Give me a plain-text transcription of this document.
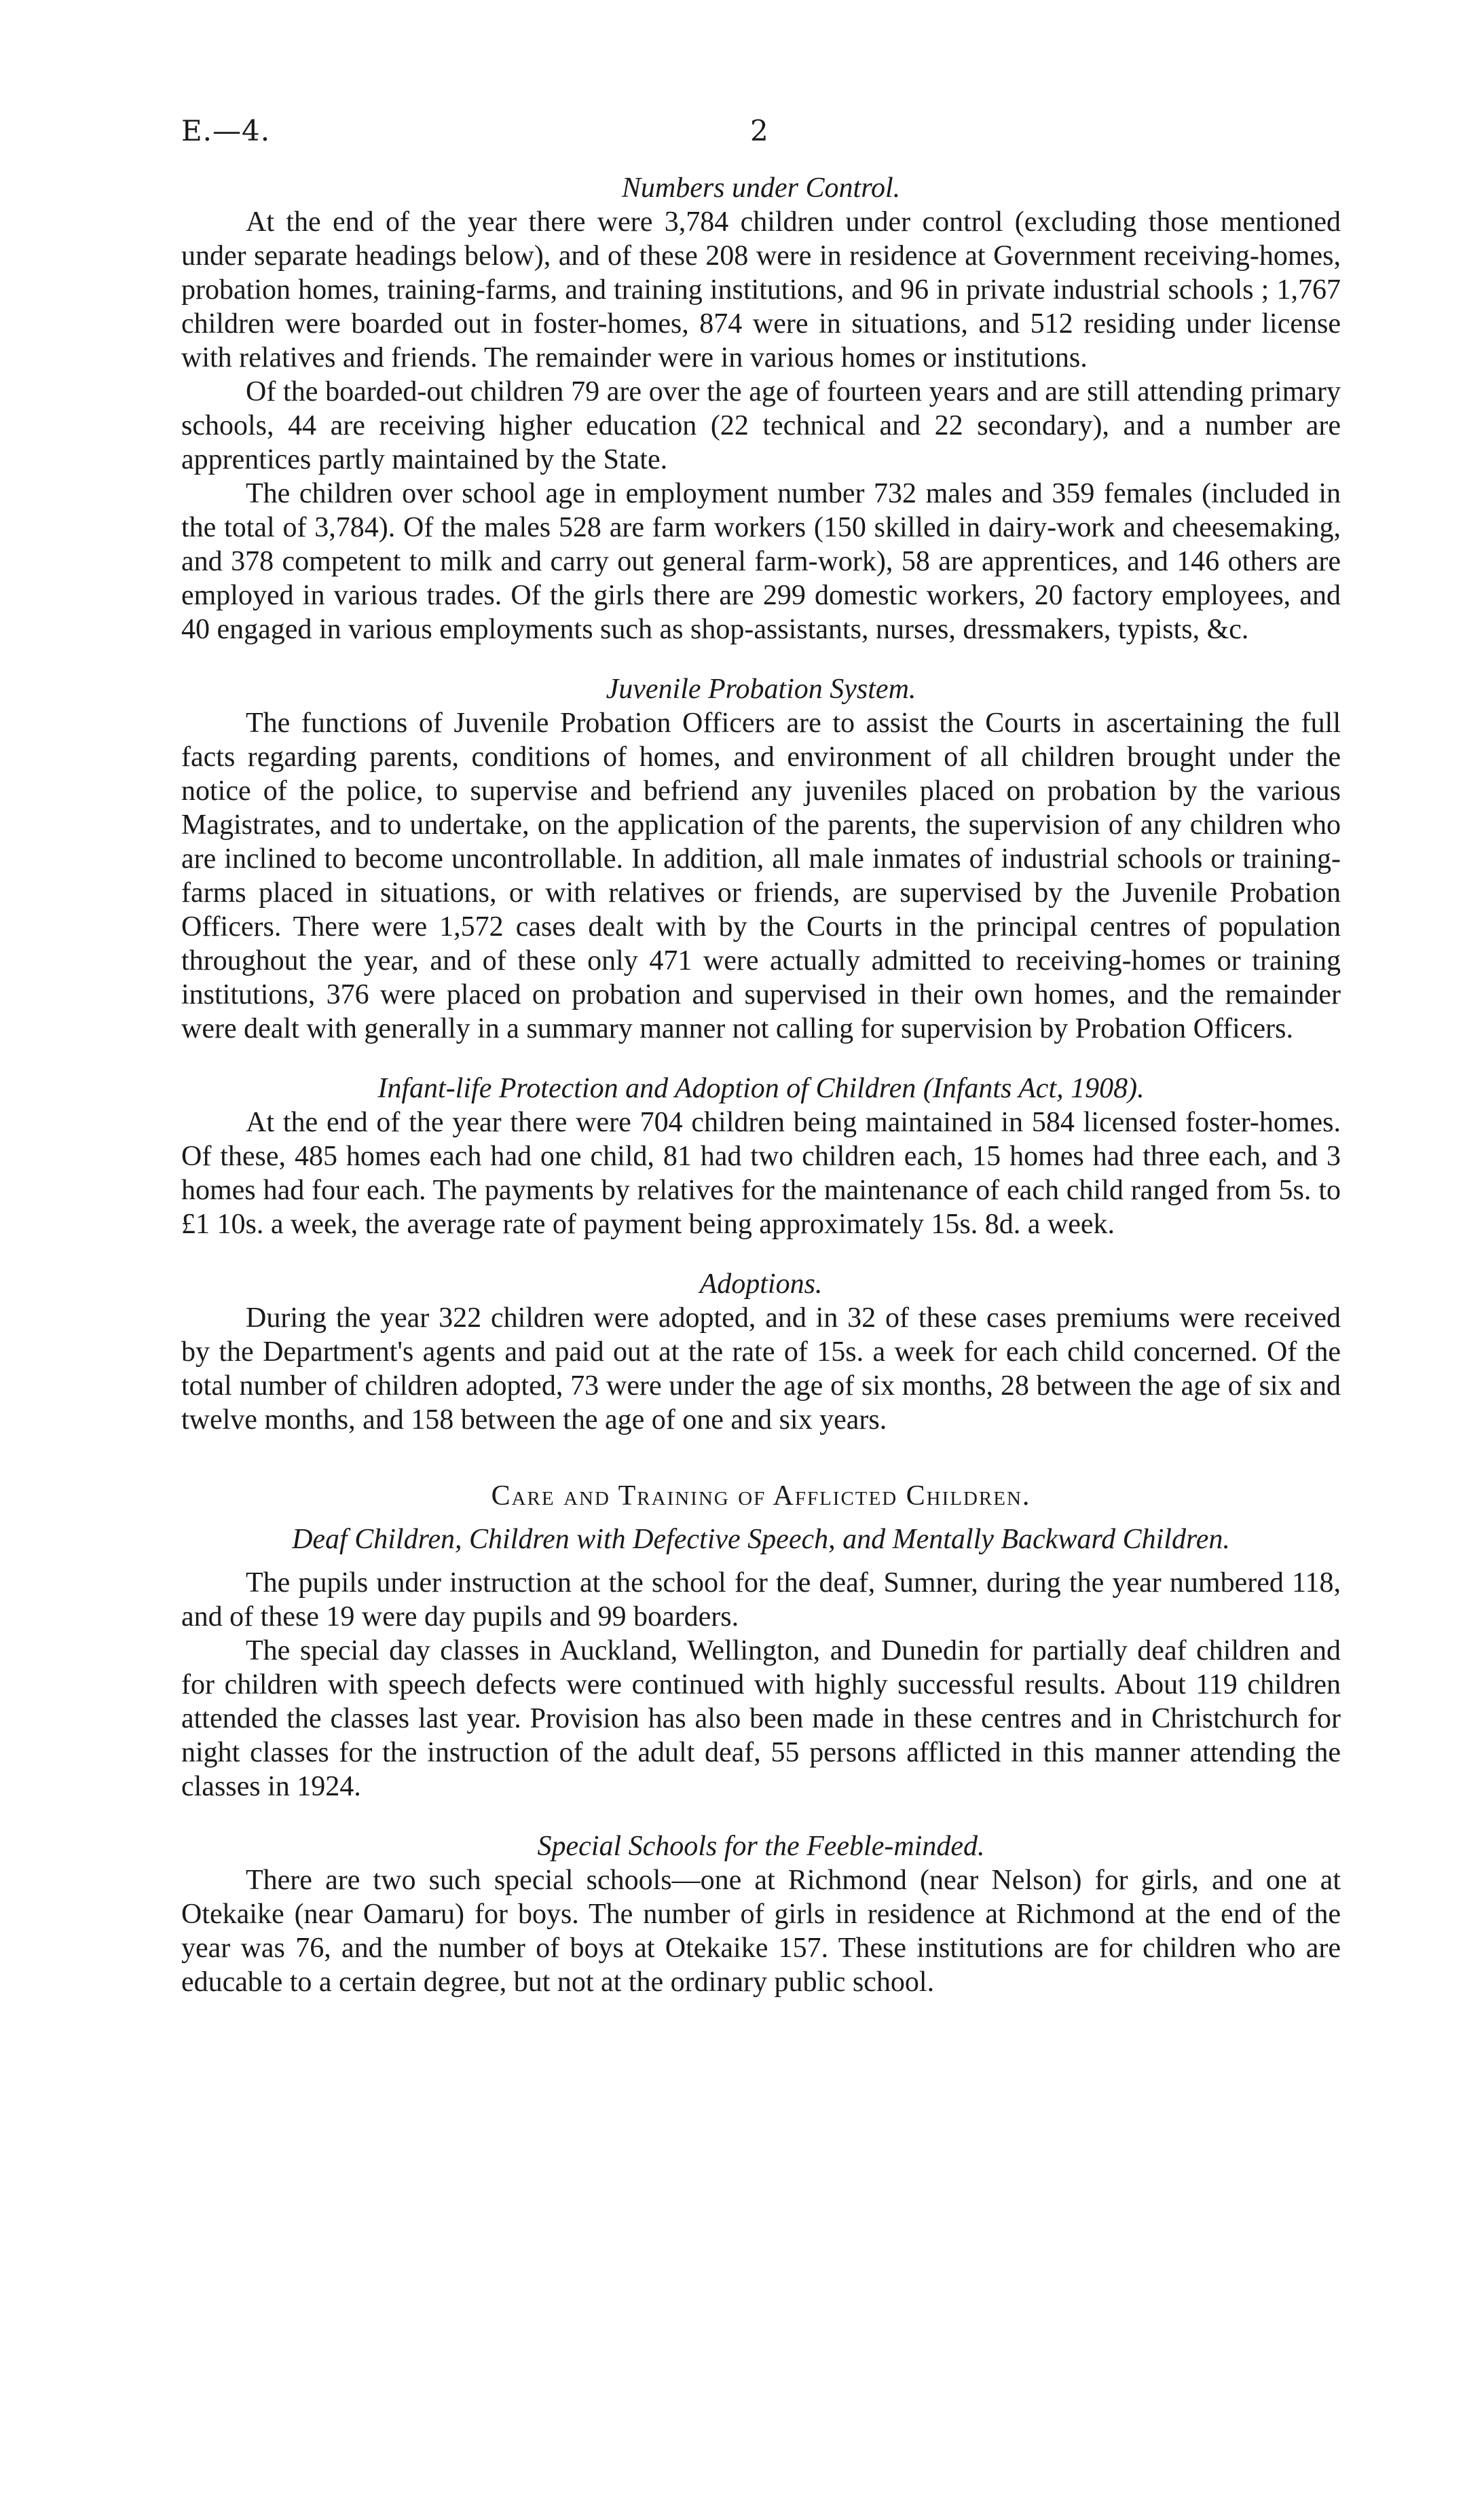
E.—4.	2

Numbers under Control.

At the end of the year there were 3,784 children under control (excluding those mentioned under separate headings below), and of these 208 were in residence at Government receiving-homes, probation homes, training-farms, and training institutions, and 96 in private industrial schools ; 1,767 children were boarded out in foster-homes, 874 were in situations, and 512 residing under license with relatives and friends. The remainder were in various homes or institutions.

Of the boarded-out children 79 are over the age of fourteen years and are still attending primary schools, 44 are receiving higher education (22 technical and 22 secondary), and a number are apprentices partly maintained by the State.

The children over school age in employment number 732 males and 359 females (included in the total of 3,784). Of the males 528 are farm workers (150 skilled in dairy-work and cheesemaking, and 378 competent to milk and carry out general farm-work), 58 are apprentices, and 146 others are employed in various trades. Of the girls there are 299 domestic workers, 20 factory employees, and 40 engaged in various employments such as shop-assistants, nurses, dressmakers, typists, &c.

Juvenile Probation System.

The functions of Juvenile Probation Officers are to assist the Courts in ascertaining the full facts regarding parents, conditions of homes, and environment of all children brought under the notice of the police, to supervise and befriend any juveniles placed on probation by the various Magistrates, and to undertake, on the application of the parents, the supervision of any children who are inclined to become uncontrollable. In addition, all male inmates of industrial schools or training-farms placed in situations, or with relatives or friends, are supervised by the Juvenile Probation Officers. There were 1,572 cases dealt with by the Courts in the principal centres of population throughout the year, and of these only 471 were actually admitted to receiving-homes or training institutions, 376 were placed on probation and supervised in their own homes, and the remainder were dealt with generally in a summary manner not calling for supervision by Probation Officers.

Infant-life Protection and Adoption of Children (Infants Act, 1908).

At the end of the year there were 704 children being maintained in 584 licensed foster-homes. Of these, 485 homes each had one child, 81 had two children each, 15 homes had three each, and 3 homes had four each. The payments by relatives for the maintenance of each child ranged from 5s. to £1 10s. a week, the average rate of payment being approximately 15s. 8d. a week.

Adoptions.

During the year 322 children were adopted, and in 32 of these cases premiums were received by the Department's agents and paid out at the rate of 15s. a week for each child concerned. Of the total number of children adopted, 73 were under the age of six months, 28 between the age of six and twelve months, and 158 between the age of one and six years.

Care and Training of Afflicted Children.

Deaf Children, Children with Defective Speech, and Mentally Backward Children.

The pupils under instruction at the school for the deaf, Sumner, during the year numbered 118, and of these 19 were day pupils and 99 boarders.

The special day classes in Auckland, Wellington, and Dunedin for partially deaf children and for children with speech defects were continued with highly successful results. About 119 children attended the classes last year. Provision has also been made in these centres and in Christchurch for night classes for the instruction of the adult deaf, 55 persons afflicted in this manner attending the classes in 1924.

Special Schools for the Feeble-minded.

There are two such special schools—one at Richmond (near Nelson) for girls, and one at Otekaike (near Oamaru) for boys. The number of girls in residence at Richmond at the end of the year was 76, and the number of boys at Otekaike 157. These institutions are for children who are educable to a certain degree, but not at the ordinary public school.
